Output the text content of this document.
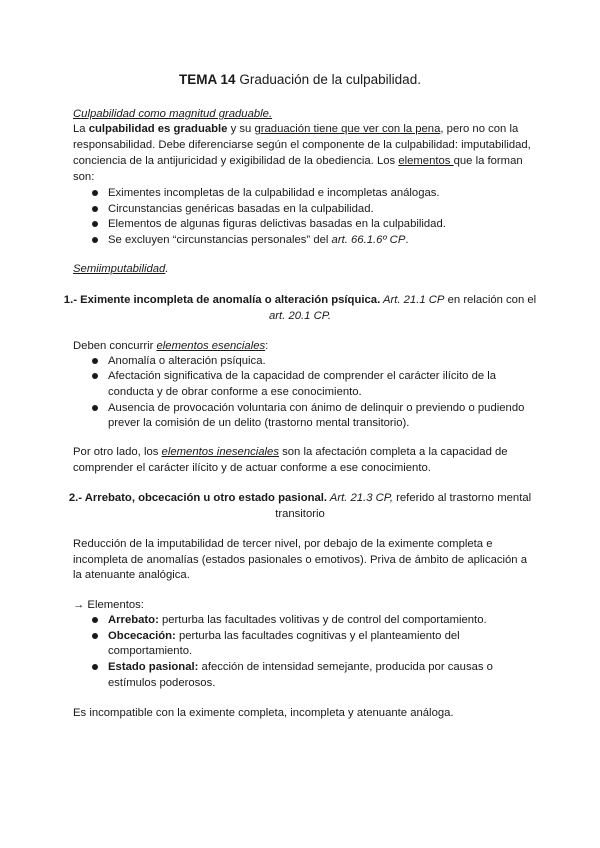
TEMA 14 Graduación de la culpabilidad.

Culpabilidad como magnitud graduable.

La culpabilidad es graduable y su graduación tiene que ver con la pena, pero no con la

responsabilidad. Debe diferenciarse según el componente de la culpabilidad: imputabilidad,

conciencia de la antijuricidad y exigibilidad de la obediencia. Los elementos que la forman

son:

Eximentes incompletas de la culpabilidad e incompletas análogas.

Circunstancias genéricas basadas en la culpabilidad.

Elementos de algunas figuras delictivas basadas en la culpabilidad.

Se excluyen “circunstancias personales” del art. 66.1.6º CP.

Semiimputabilidad.

1.- Eximente incompleta de anomalía o alteración psíquica. Art. 21.1 CP en relación con el

art. 20.1 CP.

Deben concurrir elementos esenciales:

Anomalía o alteración psíquica.

Afectación significativa de la capacidad de comprender el carácter ilícito de la

conducta y de obrar conforme a ese conocimiento.

Ausencia de provocación voluntaria con ánimo de delinquir o previendo o pudiendo

prever la comisión de un delito (trastorno mental transitorio).

Por otro lado, los elementos inesenciales son la afectación completa a la capacidad de

comprender el carácter ilícito y de actuar conforme a ese conocimiento.

2.- Arrebato, obcecación u otro estado pasional. Art. 21.3 CP, referido al trastorno mental

transitorio

Reducción de la imputabilidad de tercer nivel, por debajo de la eximente completa e

incompleta de anomalías (estados pasionales o emotivos). Priva de ámbito de aplicación a

la atenuante analógica.

→ Elementos:

Arrebato: perturba las facultades volitivas y de control del comportamiento.

Obcecación: perturba las facultades cognitivas y el planteamiento del

comportamiento.

Estado pasional: afección de intensidad semejante, producida por causas o

estímulos poderosos.

Es incompatible con la eximente completa, incompleta y atenuante análoga.
